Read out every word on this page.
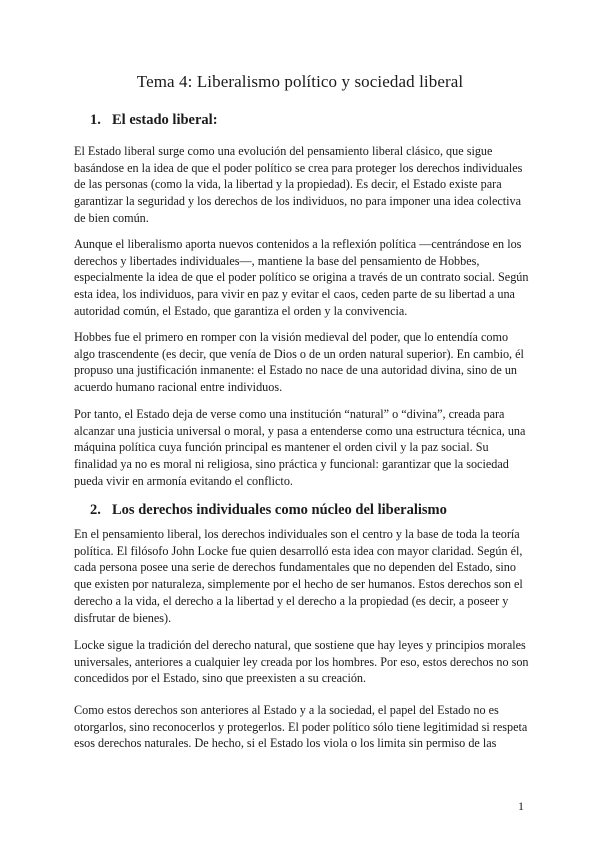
Tema 4: Liberalismo político y sociedad liberal
1. El estado liberal:

El Estado liberal surge como una evolución del pensamiento liberal clásico, que sigue basándose en la idea de que el poder político se crea para proteger los derechos individuales de las personas (como la vida, la libertad y la propiedad). Es decir, el Estado existe para garantizar la seguridad y los derechos de los individuos, no para imponer una idea colectiva de bien común.

Aunque el liberalismo aporta nuevos contenidos a la reflexión política —centrándose en los derechos y libertades individuales—, mantiene la base del pensamiento de Hobbes, especialmente la idea de que el poder político se origina a través de un contrato social. Según esta idea, los individuos, para vivir en paz y evitar el caos, ceden parte de su libertad a una autoridad común, el Estado, que garantiza el orden y la convivencia.

Hobbes fue el primero en romper con la visión medieval del poder, que lo entendía como algo trascendente (es decir, que venía de Dios o de un orden natural superior). En cambio, él propuso una justificación inmanente: el Estado no nace de una autoridad divina, sino de un acuerdo humano racional entre individuos.

Por tanto, el Estado deja de verse como una institución “natural” o “divina”, creada para alcanzar una justicia universal o moral, y pasa a entenderse como una estructura técnica, una máquina política cuya función principal es mantener el orden civil y la paz social. Su finalidad ya no es moral ni religiosa, sino práctica y funcional: garantizar que la sociedad pueda vivir en armonía evitando el conflicto.

2. Los derechos individuales como núcleo del liberalismo

En el pensamiento liberal, los derechos individuales son el centro y la base de toda la teoría política. El filósofo John Locke fue quien desarrolló esta idea con mayor claridad. Según él, cada persona posee una serie de derechos fundamentales que no dependen del Estado, sino que existen por naturaleza, simplemente por el hecho de ser humanos. Estos derechos son el derecho a la vida, el derecho a la libertad y el derecho a la propiedad (es decir, a poseer y disfrutar de bienes).

Locke sigue la tradición del derecho natural, que sostiene que hay leyes y principios morales universales, anteriores a cualquier ley creada por los hombres. Por eso, estos derechos no son concedidos por el Estado, sino que preexisten a su creación.

Como estos derechos son anteriores al Estado y a la sociedad, el papel del Estado no es otorgarlos, sino reconocerlos y protegerlos. El poder político sólo tiene legitimidad si respeta esos derechos naturales. De hecho, si el Estado los viola o los limita sin permiso de las

1
